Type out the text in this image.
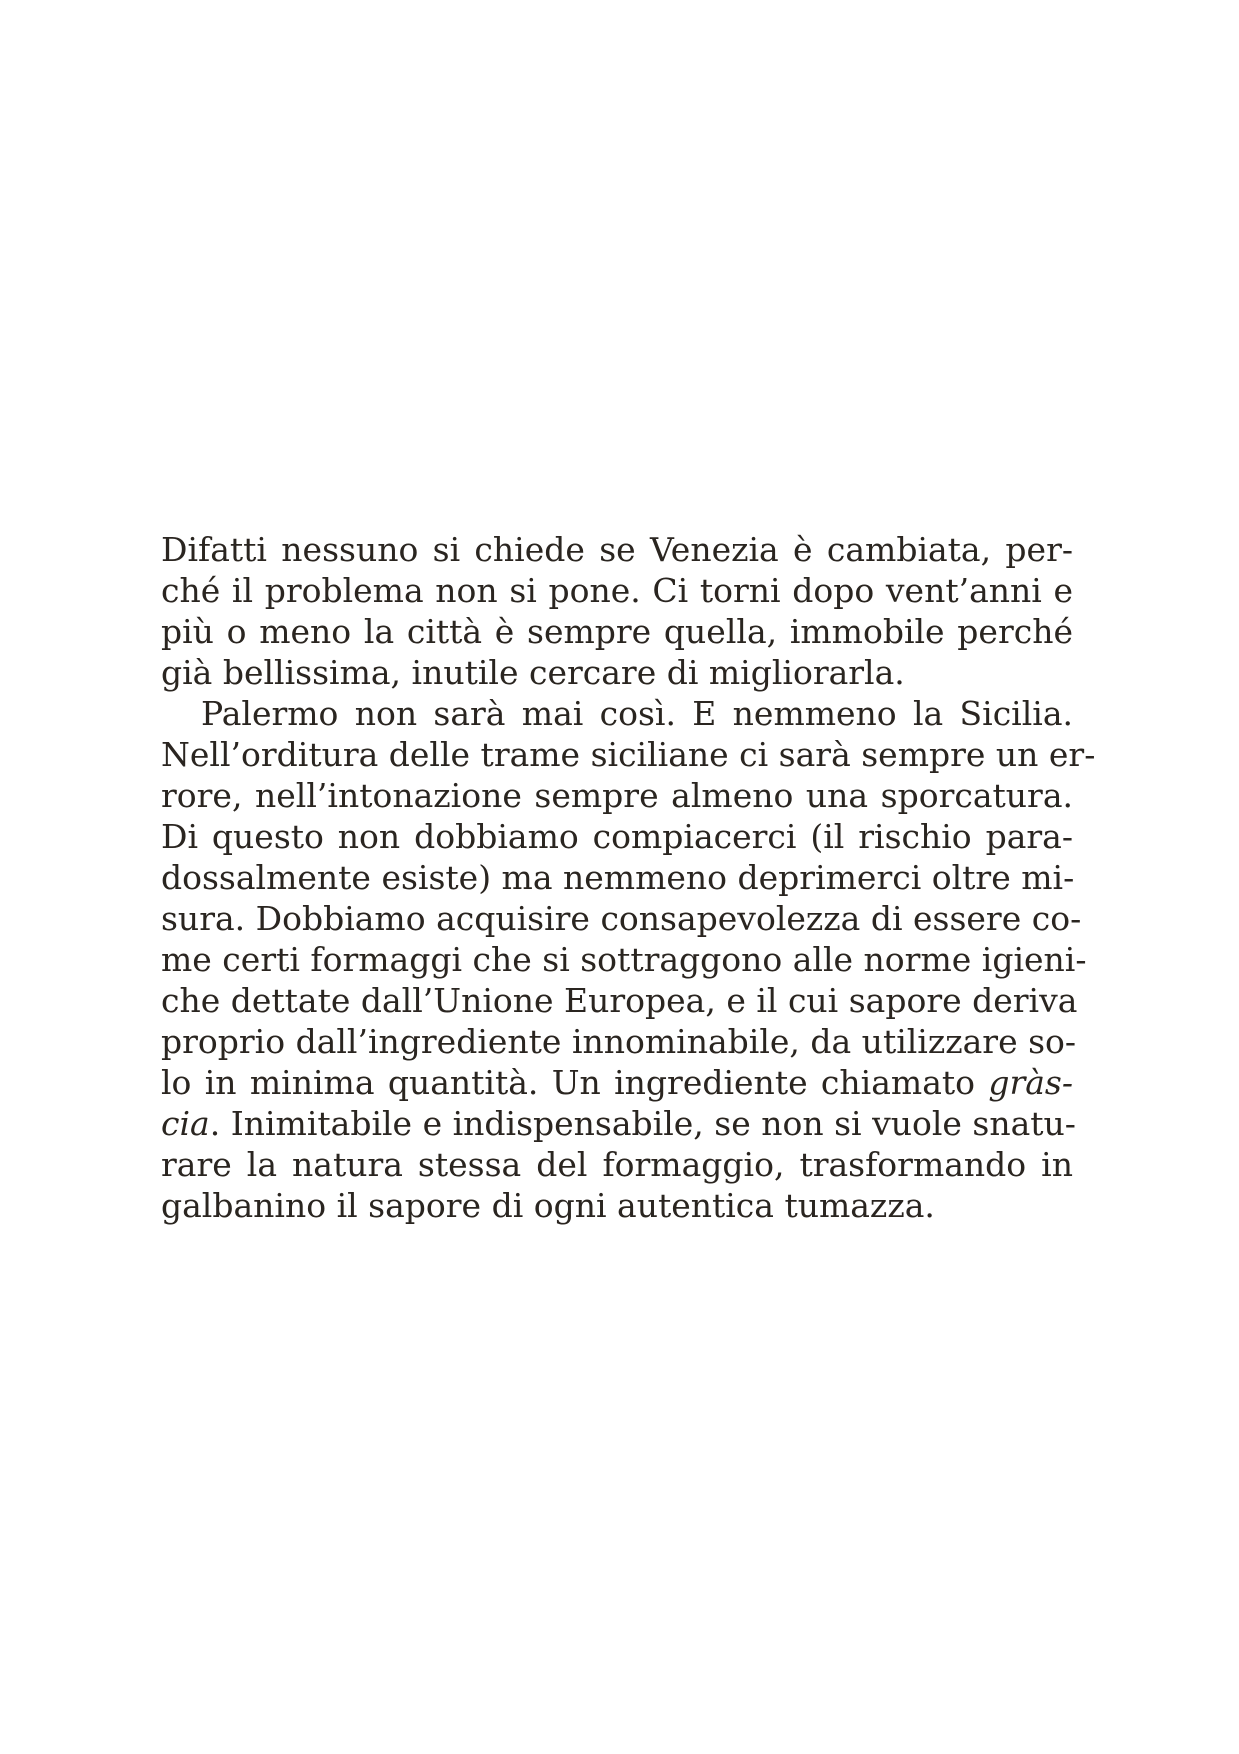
Difatti nessuno si chiede se Venezia è cambiata, per-
ché il problema non si pone. Ci torni dopo vent’anni e
più o meno la città è sempre quella, immobile perché
già bellissima, inutile cercare di migliorarla.
Palermo non sarà mai così. E nemmeno la Sicilia.
Nell’orditura delle trame siciliane ci sarà sempre un er-
rore, nell’intonazione sempre almeno una sporcatura.
Di questo non dobbiamo compiacerci (il rischio para-
dossalmente esiste) ma nemmeno deprimerci oltre mi-
sura. Dobbiamo acquisire consapevolezza di essere co-
me certi formaggi che si sottraggono alle norme igieni-
che dettate dall’Unione Europea, e il cui sapore deriva
proprio dall’ingrediente innominabile, da utilizzare so-
lo in minima quantità. Un ingrediente chiamato gràs-
cia. Inimitabile e indispensabile, se non si vuole snatu-
rare la natura stessa del formaggio, trasformando in
galbanino il sapore di ogni autentica tumazza.
